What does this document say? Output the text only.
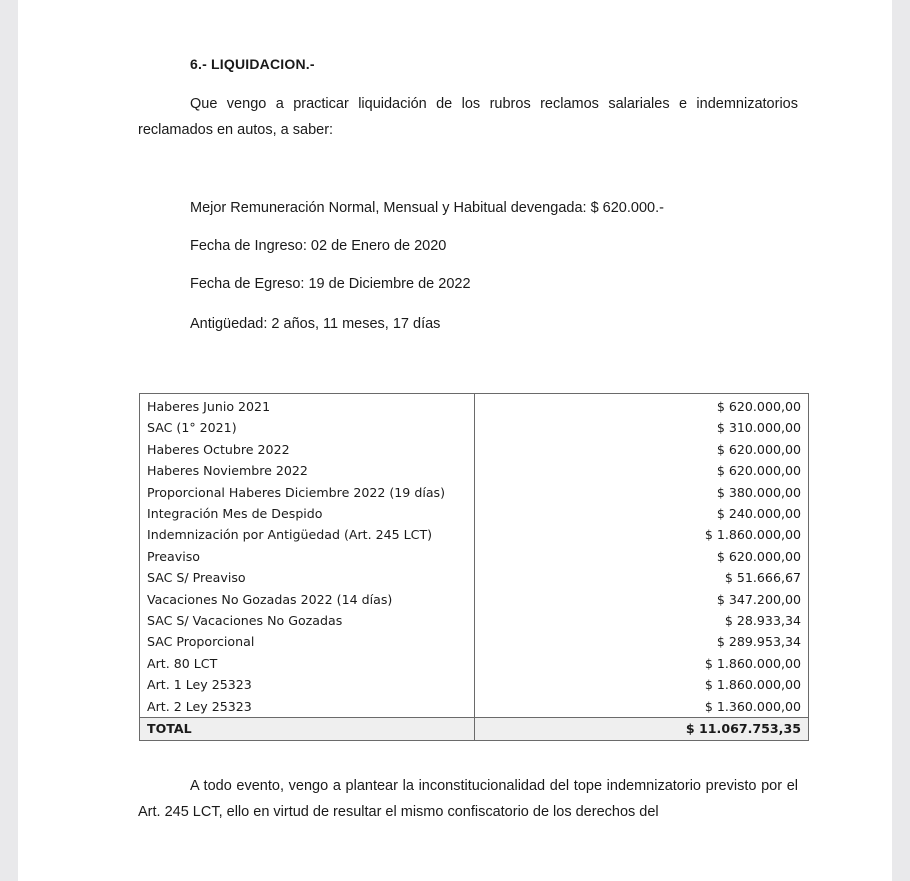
6.- LIQUIDACION.-
Que vengo a practicar liquidación de los rubros reclamos salariales e indemnizatorios reclamados en autos, a saber:
Mejor Remuneración Normal, Mensual y Habitual devengada: $ 620.000.-
Fecha de Ingreso: 02 de Enero de 2020
Fecha de Egreso: 19 de Diciembre de 2022
Antigüedad: 2 años, 11 meses, 17 días
Haberes Junio 2021	$ 620.000,00
SAC (1° 2021)	$ 310.000,00
Haberes Octubre 2022	$ 620.000,00
Haberes Noviembre 2022	$ 620.000,00
Proporcional Haberes Diciembre 2022 (19 días)	$ 380.000,00
Integración Mes de Despido	$ 240.000,00
Indemnización por Antigüedad (Art. 245 LCT)	$ 1.860.000,00
Preaviso	$ 620.000,00
SAC S/ Preaviso	$ 51.666,67
Vacaciones No Gozadas 2022 (14 días)	$ 347.200,00
SAC S/ Vacaciones No Gozadas	$ 28.933,34
SAC Proporcional	$ 289.953,34
Art. 80 LCT	$ 1.860.000,00
Art. 1 Ley 25323	$ 1.860.000,00
Art. 2 Ley 25323	$ 1.360.000,00
TOTAL	$ 11.067.753,35
A todo evento, vengo a plantear la inconstitucionalidad del tope indemnizatorio previsto por el Art. 245 LCT, ello en virtud de resultar el mismo confiscatorio de los derechos del
